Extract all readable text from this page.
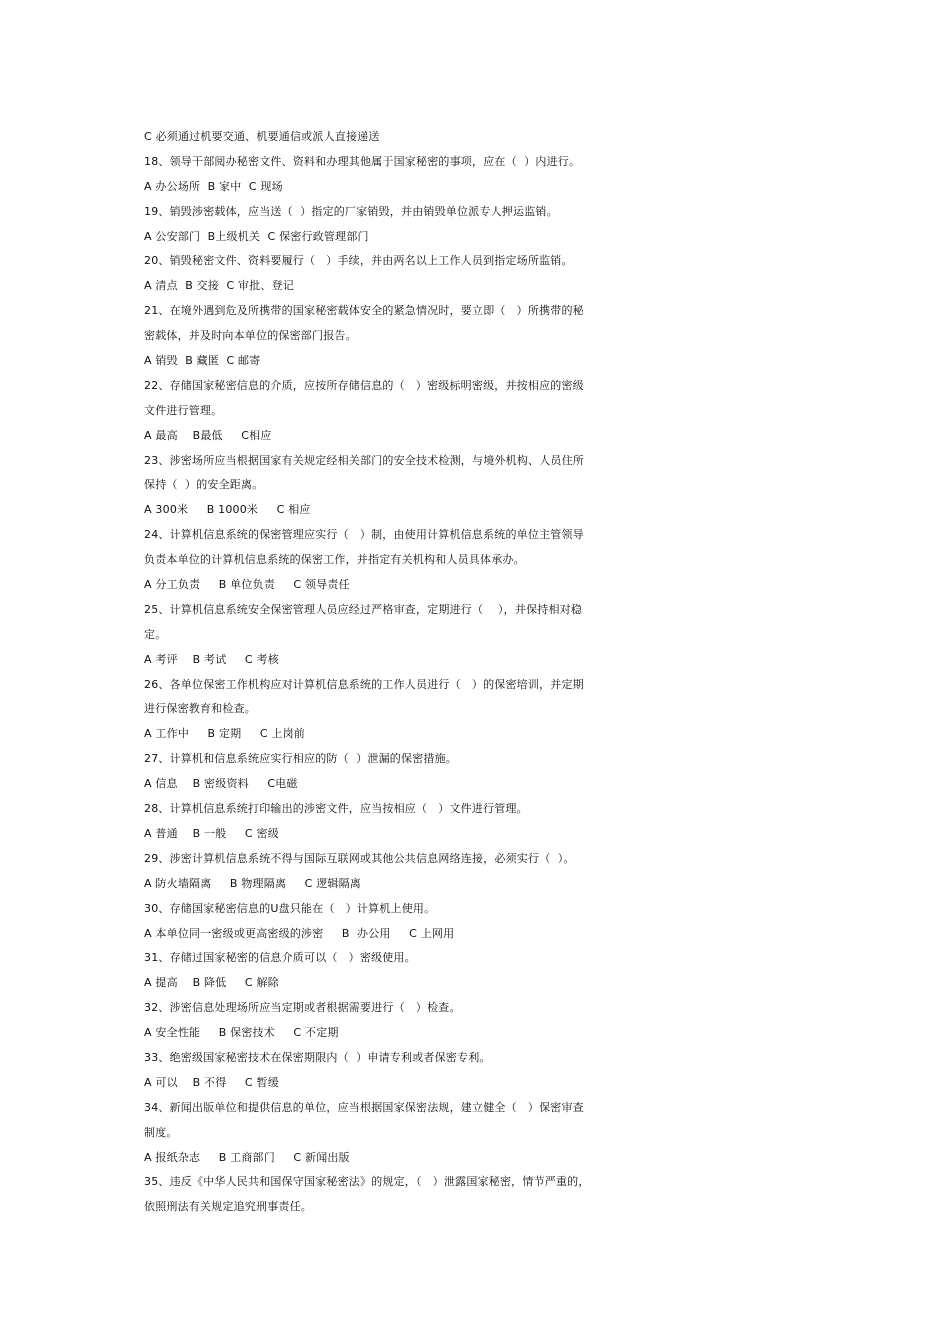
C 必须通过机要交通、机要通信或派人直接递送
18、领导干部阅办秘密文件、资料和办理其他属于国家秘密的事项，应在（  ）内进行。
A 办公场所  B 家中  C 现场
19、销毁涉密载体，应当送（  ）指定的厂家销毁，并由销毁单位派专人押运监销。
A 公安部门  B上级机关  C 保密行政管理部门
20、销毁秘密文件、资料要履行（   ）手续，并由两名以上工作人员到指定场所监销。
A 清点  B 交接  C 审批、登记
21、在境外遇到危及所携带的国家秘密载体安全的紧急情况时，要立即（   ）所携带的秘
密载体，并及时向本单位的保密部门报告。
A 销毁  B 藏匿  C 邮寄
22、存储国家秘密信息的介质，应按所存储信息的（   ）密级标明密级，并按相应的密级
文件进行管理。
A 最高    B最低     C相应
23、涉密场所应当根据国家有关规定经相关部门的安全技术检测，与境外机构、人员住所
保持（  ）的安全距离。
A 300米     B 1000米     C 相应
24、计算机信息系统的保密管理应实行（   ）制，由使用计算机信息系统的单位主管领导
负责本单位的计算机信息系统的保密工作，并指定有关机构和人员具体承办。
A 分工负责     B 单位负责     C 领导责任
25、计算机信息系统安全保密管理人员应经过严格审查，定期进行（    ），并保持相对稳
定。
A 考评    B 考试     C 考核
26、各单位保密工作机构应对计算机信息系统的工作人员进行（   ）的保密培训，并定期
进行保密教育和检查。
A 工作中     B 定期     C 上岗前
27、计算机和信息系统应实行相应的防（  ）泄漏的保密措施。
A 信息    B 密级资料     C电磁
28、计算机信息系统打印输出的涉密文件，应当按相应（   ）文件进行管理。
A 普通    B 一般     C 密级
29、涉密计算机信息系统不得与国际互联网或其他公共信息网络连接，必须实行（  ）。
A 防火墙隔离     B 物理隔离     C 逻辑隔离
30、存储国家秘密信息的U盘只能在（   ）计算机上使用。
A 本单位同一密级或更高密级的涉密     B  办公用     C 上网用
31、存储过国家秘密的信息介质可以（   ）密级使用。
A 提高    B 降低     C 解除
32、涉密信息处理场所应当定期或者根据需要进行（   ）检查。
A 安全性能     B 保密技术     C 不定期
33、绝密级国家秘密技术在保密期限内（  ）申请专利或者保密专利。
A 可以    B 不得     C 暂缓
34、新闻出版单位和提供信息的单位，应当根据国家保密法规，建立健全（   ）保密审查
制度。
A 报纸杂志     B 工商部门     C 新闻出版
35、违反《中华人民共和国保守国家秘密法》的规定，（   ）泄露国家秘密，情节严重的，
依照刑法有关规定追究刑事责任。
